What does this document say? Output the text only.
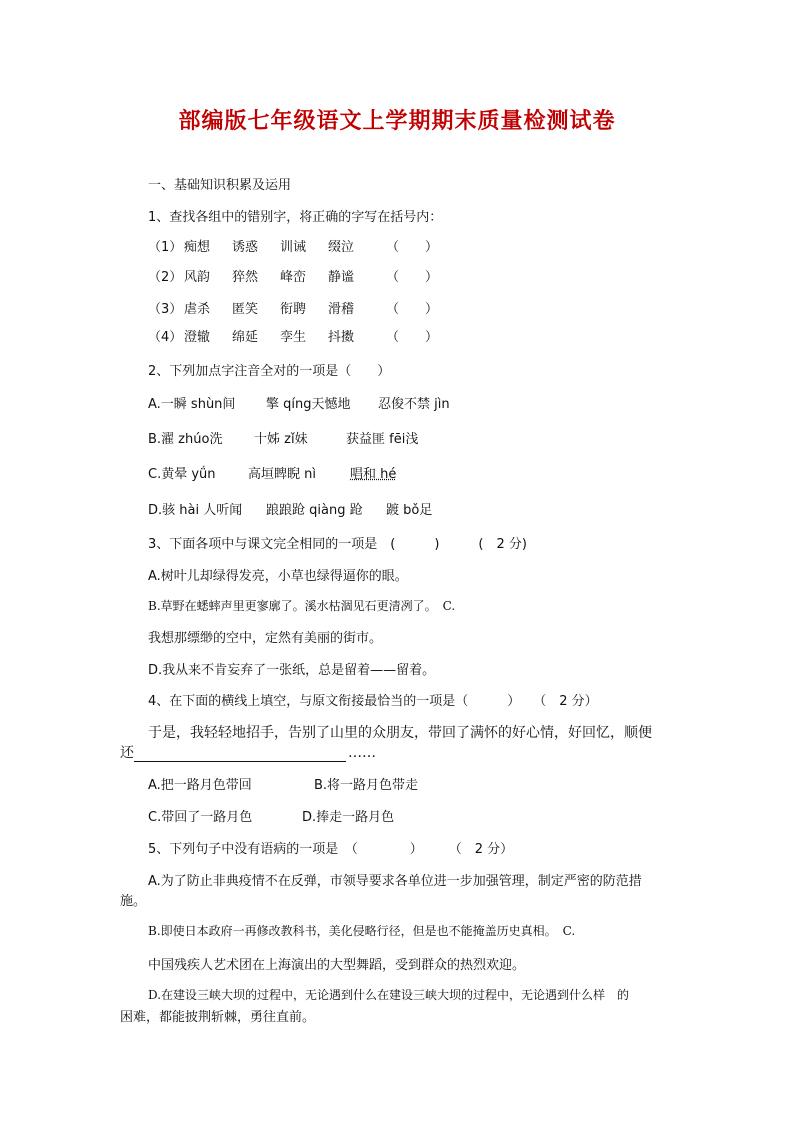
部编版七年级语文上学期期末质量检测试卷
一、基础知识积累及运用
1、查找各组中的错别字，将正确的字写在括号内：
（1） 痴想 诱惑 训诫 缀泣 （　　）
（2） 风韵 猝然 峰峦 静谧 （　　）
（3） 虐杀 匿笑 衔聘 滑稽 （　　）
（4） 澄辙 绵延 孪生 抖擞 （　　）
2、下列加点字注音全对的一项是（　　）
A.一瞬 shùn间 擎 qíng天憾地 忍俊不禁 jìn
B.濯 zhúo洗 十姊 zǐ妹	获益匪 fēi浅
C.黄晕 yǘn 高垣睥睨 nì	唱和 hé
D.骇 hài 人听闻 踉踉跄 qiàng 跄 踱 bǒ足
3、下面各项中与课文完全相同的一项是　(　　　)　　　(　2 分)
A.树叶儿却绿得发亮，小草也绿得逼你的眼。
B.草野在蟋蟀声里更寥廓了。溪水枯涸见石更清冽了。　C.
我想那缥缈的空中，定然有美丽的街市。
D.我从来不肯妄弃了一张纸，总是留着——留着。
4、在下面的横线上填空，与原文衔接最恰当的一项是（　　　）　　（　2 分）
于是，我轻轻地招手，告别了山里的众朋友，带回了满怀的好心情，好回忆，顺便
还	……
A.把一路月色带回	B.将一路月色带走
C.带回了一路月色	D.捧走一路月色
5、下列句子中没有语病的一项是　（　　　　）　　　（　2 分）
A.为了防止非典疫情不在反弹，市领导要求各单位进一步加强管理，制定严密的防范措
施。
B.即使日本政府一再修改教科书，美化侵略行径，但是也不能掩盖历史真相。　C.
中国残疾人艺术团在上海演出的大型舞蹈，受到群众的热烈欢迎。
D.在建设三峡大坝的过程中，无论遇到什么在建设三峡大坝的过程中，无论遇到什么样　的
困难，都能披荆斩棘，勇往直前。
